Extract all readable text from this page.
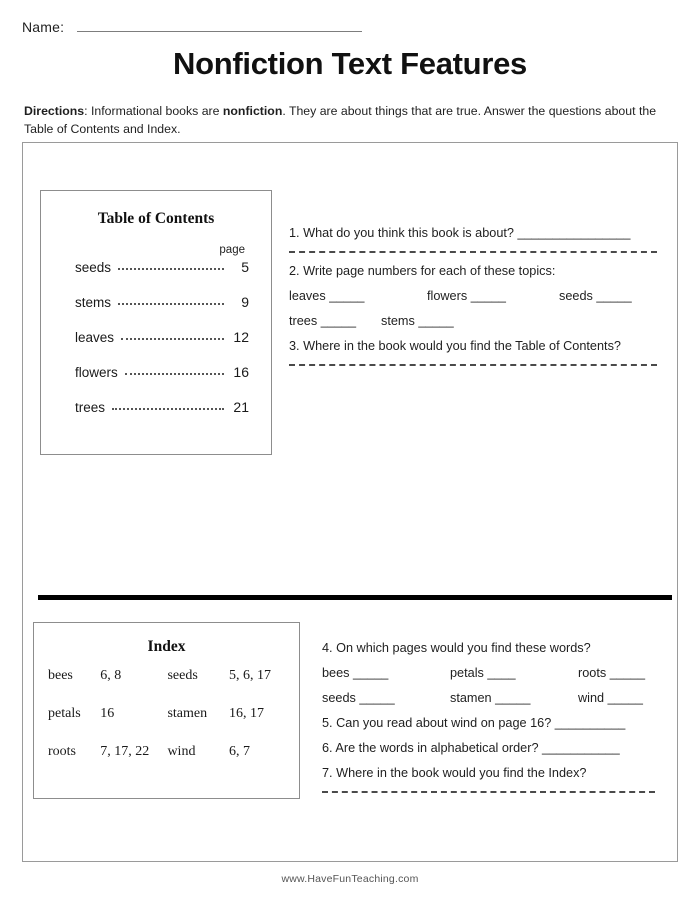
Name:
Nonfiction Text Features
Directions: Informational books are nonfiction. They are about things that are true. Answer the questions about the Table of Contents and Index.
Table of Contents
page
seeds	5
stems	9
leaves	12
flowers	16
trees	21
1. What do you think this book is about? ________________
2. Write page numbers for each of these topics:
leaves _____	flowers _____	seeds _____
trees _____	stems _____
3. Where in the book would you find the Table of Contents?
Index
bees	6, 8	seeds	5, 6, 17
petals	16	stamen	16, 17
roots	7, 17, 22	wind	6, 7
4. On which pages would you find these words?
bees _____	petals ____	roots _____
seeds _____	stamen _____	wind _____
5. Can you read about wind on page 16? __________
6. Are the words in alphabetical order? ___________
7. Where in the book would you find the Index?
www.HaveFunTeaching.com
